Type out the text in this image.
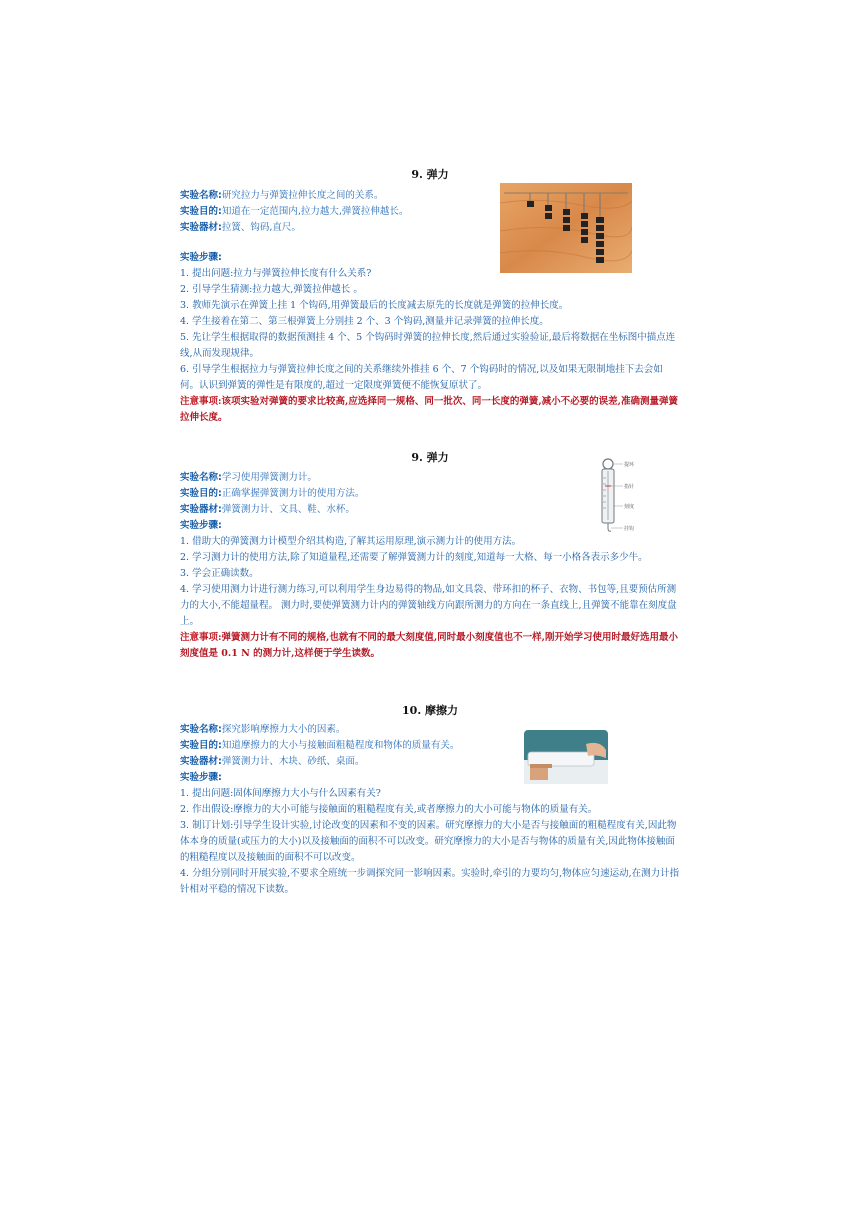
9. 弹力
实验名称:研究拉力与弹簧拉伸长度之间的关系。
实验目的:知道在一定范围内,拉力越大,弹簧拉伸越长。
实验器材:拉簧、钩码,直尺。
实验步骤:
1. 提出问题:拉力与弹簧拉伸长度有什么关系?
2. 引导学生猜测:拉力越大,弹簧拉伸越长 。
3. 教师先演示在弹簧上挂 1 个钩码,用弹簧最后的长度减去原先的长度就是弹簧的拉伸长度。
4. 学生接着在第二、第三根弹簧上分别挂 2 个、3 个钩码,测量并记录弹簧的拉伸长度。
5. 先让学生根据取得的数据预测挂 4 个、5 个钩码时弹簧的拉伸长度,然后通过实验验证,最后将数据在坐标图中描点连线,从而发现规律。
6. 引导学生根据拉力与弹簧拉伸长度之间的关系继续外推挂 6 个、7 个钩码时的情况,以及如果无限制地挂下去会如何。认识到弹簧的弹性是有限度的,超过一定限度弹簧便不能恢复原状了。
注意事项:该项实验对弹簧的要求比较高,应选择同一规格、同一批次、同一长度的弹簧,减小不必要的误差,准确测量弹簧拉伸长度。
9. 弹力
实验名称:学习使用弹簧测力计。
实验目的:正确掌握弹簧测力计的使用方法。
实验器材:弹簧测力计、文具、鞋、水杯。
实验步骤:
提环
指针
刻度
挂钩
1. 借助大的弹簧测力计模型介绍其构造,了解其运用原理,演示测力计的使用方法。
2. 学习测力计的使用方法,除了知道量程,还需要了解弹簧测力计的刻度,知道每一大格、每一小格各表示多少牛。
3. 学会正确读数。
4. 学习使用测力计进行测力练习,可以利用学生身边易得的物品,如文具袋、带环扣的杯子、衣物、书包等,且要预估所测力的大小,不能超量程。 测力时,要使弹簧测力计内的弹簧轴线方向跟所测力的方向在一条直线上,且弹簧不能靠在刻度盘上。
注意事项:弹簧测力计有不同的规格,也就有不同的最大刻度值,同时最小刻度值也不一样,刚开始学习使用时最好选用最小刻度值是 0.1 N 的测力计,这样便于学生读数。
10. 摩擦力
实验名称:探究影响摩擦力大小的因素。
实验目的:知道摩擦力的大小与接触面粗糙程度和物体的质量有关。
实验器材:弹簧测力计、木块、砂纸、桌面。
实验步骤:
1. 提出问题:固体间摩擦力大小与什么因素有关?
2. 作出假设:摩擦力的大小可能与接触面的粗糙程度有关,或者摩擦力的大小可能与物体的质量有关。
3. 制订计划:引导学生设计实验,讨论改变的因素和不变的因素。研究摩擦力的大小是否与接触面的粗糙程度有关,因此物体本身的质量(或压力的大小)以及接触面的面积不可以改变。研究摩擦力的大小是否与物体的质量有关,因此物体接触面的粗糙程度以及接触面的面积不可以改变。
4. 分组分别同时开展实验,不要求全班统一步调探究同一影响因素。实验时,牵引的力要均匀,物体应匀速运动,在测力计指针相对平稳的情况下读数。
